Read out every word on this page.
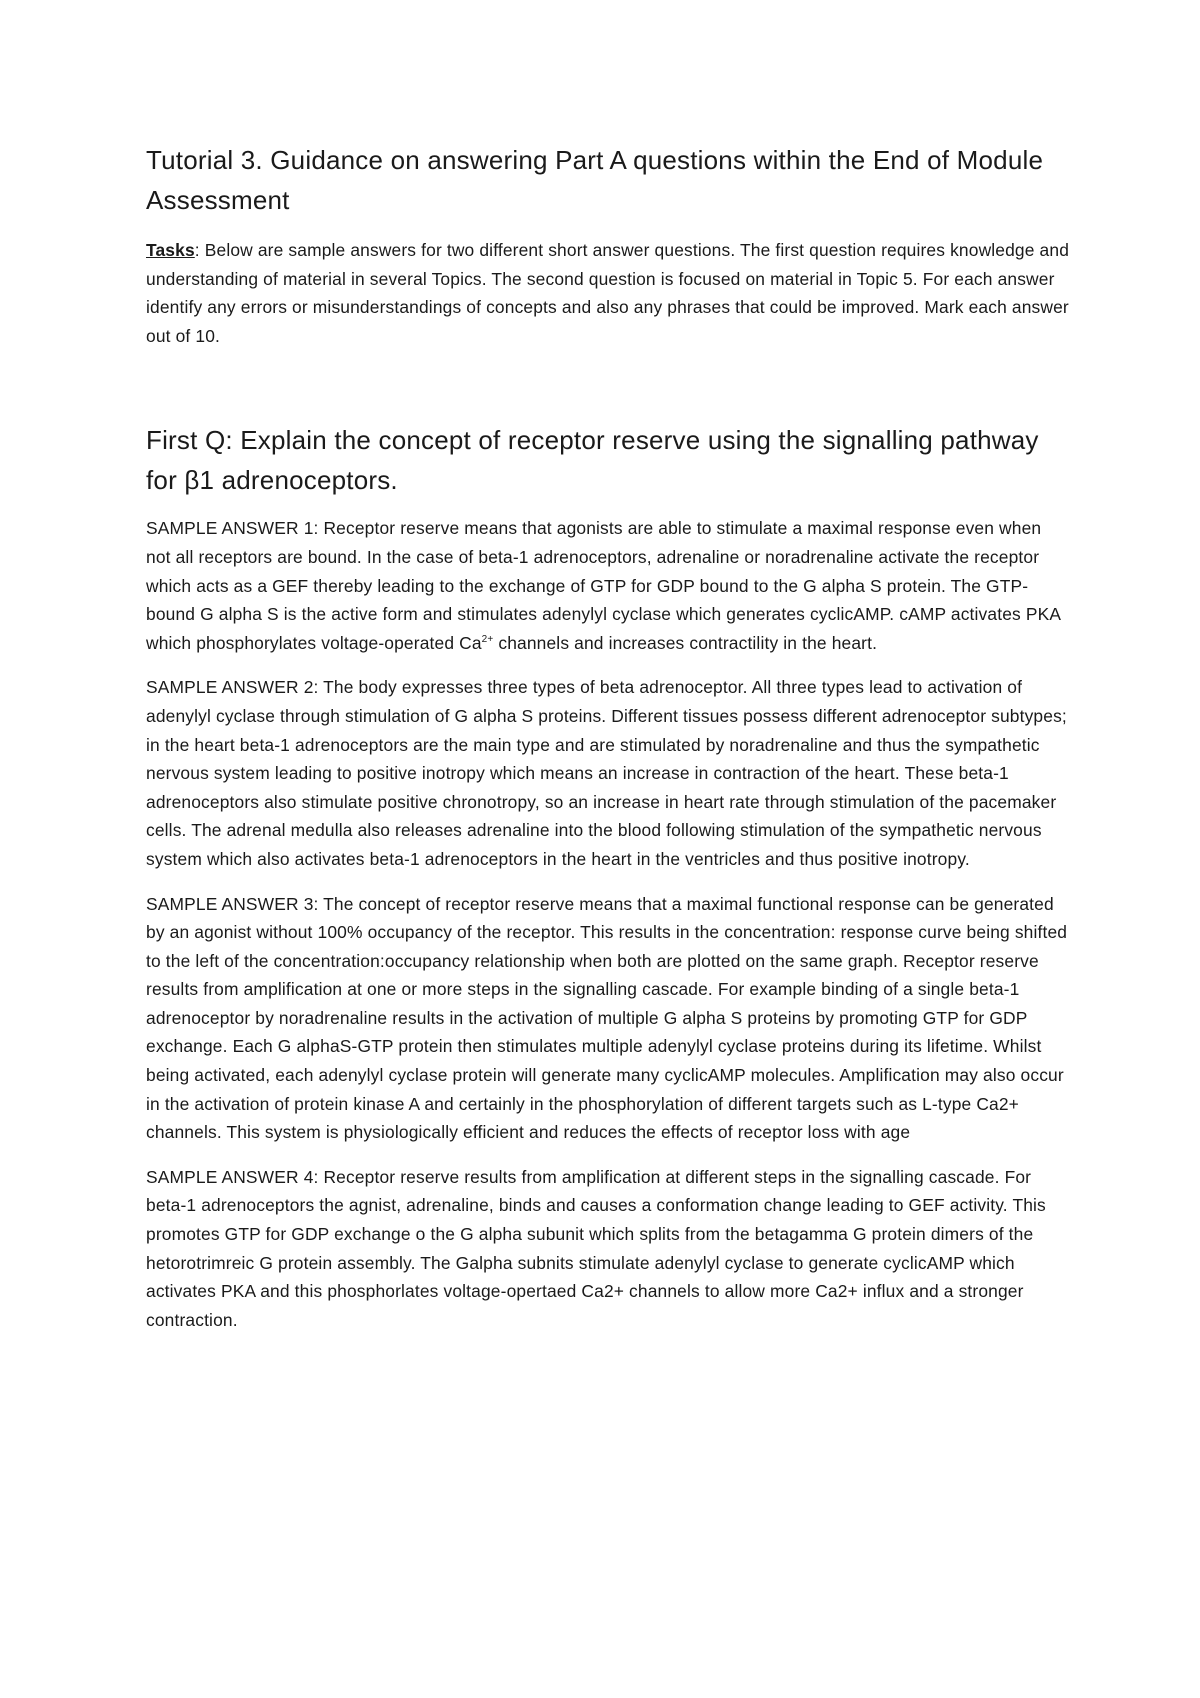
Tutorial 3. Guidance on answering Part A questions within the End of Module Assessment

Tasks: Below are sample answers for two different short answer questions. The first question requires knowledge and understanding of material in several Topics. The second question is focused on material in Topic 5. For each answer identify any errors or misunderstandings of concepts and also any phrases that could be improved. Mark each answer out of 10.

First Q: Explain the concept of receptor reserve using the signalling pathway for β1 adrenoceptors.

SAMPLE ANSWER 1: Receptor reserve means that agonists are able to stimulate a maximal response even when not all receptors are bound. In the case of beta-1 adrenoceptors, adrenaline or noradrenaline activate the receptor which acts as a GEF thereby leading to the exchange of GTP for GDP bound to the G alpha S protein. The GTP-bound G alpha S is the active form and stimulates adenylyl cyclase which generates cyclicAMP. cAMP activates PKA which phosphorylates voltage-operated $Ca^{2+}$ channels and increases contractility in the heart.

SAMPLE ANSWER 2: The body expresses three types of beta adrenoceptor. All three types lead to activation of adenylyl cyclase through stimulation of G alpha S proteins. Different tissues possess different adrenoceptor subtypes; in the heart beta-1 adrenoceptors are the main type and are stimulated by noradrenaline and thus the sympathetic nervous system leading to positive inotropy which means an increase in contraction of the heart. These beta-1 adrenoceptors also stimulate positive chronotropy, so an increase in heart rate through stimulation of the pacemaker cells. The adrenal medulla also releases adrenaline into the blood following stimulation of the sympathetic nervous system which also activates beta-1 adrenoceptors in the heart in the ventricles and thus positive inotropy.

SAMPLE ANSWER 3: The concept of receptor reserve means that a maximal functional response can be generated by an agonist without 100% occupancy of the receptor. This results in the concentration: response curve being shifted to the left of the concentration:occupancy relationship when both are plotted on the same graph. Receptor reserve results from amplification at one or more steps in the signalling cascade. For example binding of a single beta-1 adrenoceptor by noradrenaline results in the activation of multiple G alpha S proteins by promoting GTP for GDP exchange. Each G alphaS-GTP protein then stimulates multiple adenylyl cyclase proteins during its lifetime. Whilst being activated, each adenylyl cyclase protein will generate many cyclicAMP molecules. Amplification may also occur in the activation of protein kinase A and certainly in the phosphorylation of different targets such as L-type Ca2+ channels. This system is physiologically efficient and reduces the effects of receptor loss with age

SAMPLE ANSWER 4: Receptor reserve results from amplification at different steps in the signalling cascade. For beta-1 adrenoceptors the agnist, adrenaline, binds and causes a conformation change leading to GEF activity. This promotes GTP for GDP exchange o the G alpha subunit which splits from the betagamma G protein dimers of the hetorotrimreic G protein assembly. The Galpha subnits stimulate adenylyl cyclase to generate cyclicAMP which activates PKA and this phosphorlates voltage-opertaed Ca2+ channels to allow more Ca2+ influx and a stronger contraction.
